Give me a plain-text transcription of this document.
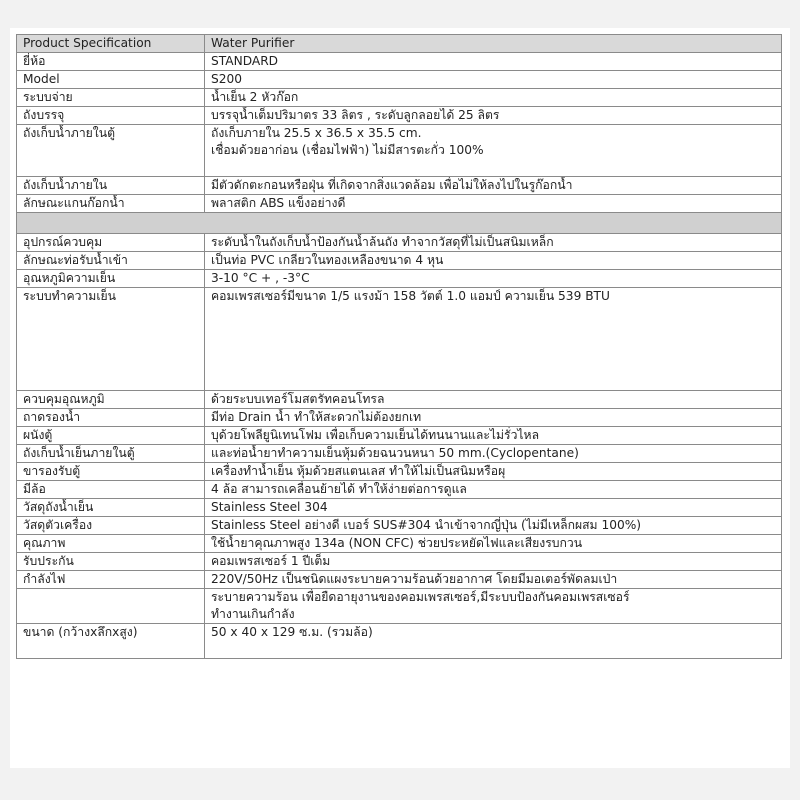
Product Specification	Water Purifier

ยี่ห้อ	STANDARD

Model	S200

ระบบจ่าย	น้ำเย็น 2 หัวก๊อก

ถังบรรจุ	บรรจุน้ำเต็มปริมาตร 33 ลิตร , ระดับลูกลอยได้ 25 ลิตร

ถังเก็บน้ำภายในตู้	ถังเก็บภายใน 25.5 x 36.5 x 35.5 cm.
เชื่อมด้วยอาก่อน (เชื่อมไฟฟ้า) ไม่มีสารตะกั่ว 100%

ถังเก็บน้ำภายใน	มีตัวดักตะกอนหรือฝุ่น ที่เกิดจากสิ่งแวดล้อม เพื่อไม่ให้ลงไปในรูก๊อกน้ำ

ลักษณะแกนก๊อกน้ำ	พลาสติก ABS แข็งอย่างดี

อุปกรณ์ควบคุม	ระดับน้ำในถังเก็บน้ำป้องกันน้ำล้นถัง ทำจากวัสดุที่ไม่เป็นสนิมเหล็ก

ลักษณะท่อรับน้ำเข้า	เป็นท่อ PVC เกลียวในทองเหลืองขนาด 4 หุน

อุณหภูมิความเย็น	3-10 °C + , -3°C

ระบบทำความเย็น	คอมเพรสเซอร์มีขนาด 1/5 แรงม้า 158 วัตต์ 1.0 แอมป์ ความเย็น 539 BTU

ควบคุมอุณหภูมิ	ด้วยระบบเทอร์โมสตรัทคอนโทรล

ถาดรองน้ำ	มีท่อ Drain น้ำ ทำให้สะดวกไม่ต้องยกเท

ผนังตู้	บุด้วยโพลียูนิเทนโฟม เพื่อเก็บความเย็นได้ทนนานและไม่รั่วไหล

ถังเก็บน้ำเย็นภายในตู้	และท่อน้ำยาทำความเย็นหุ้มด้วยฉนวนหนา 50 mm.(Cyclopentane)

ขารองรับตู้	เครื่องทำน้ำเย็น หุ้มด้วยสแตนเลส ทำให้ไม่เป็นสนิมหรือผุ

มีล้อ	4 ล้อ สามารถเคลื่อนย้ายได้ ทำให้ง่ายต่อการดูแล

วัสดุถังน้ำเย็น	Stainless Steel 304

วัสดุตัวเครื่อง	Stainless Steel อย่างดี เบอร์ SUS#304 นำเข้าจากญี่ปุ่น (ไม่มีเหล็กผสม 100%)

คุณภาพ	ใช้น้ำยาคุณภาพสูง 134a (NON CFC) ช่วยประหยัดไฟและเสียงรบกวน

รับประกัน	คอมเพรสเซอร์ 1 ปีเต็ม

กำลังไฟ	220V/50Hz เป็นชนิดแผงระบายความร้อนด้วยอากาศ โดยมีมอเตอร์พัดลมเป่า

	ระบายความร้อน เพื่อยืดอายุงานของคอมเพรสเซอร์,มีระบบป้องกันคอมเพรสเซอร์
ทำงานเกินกำลัง

ขนาด (กว้างxลึกxสูง)	50 x 40 x 129 ซ.ม. (รวมล้อ)
